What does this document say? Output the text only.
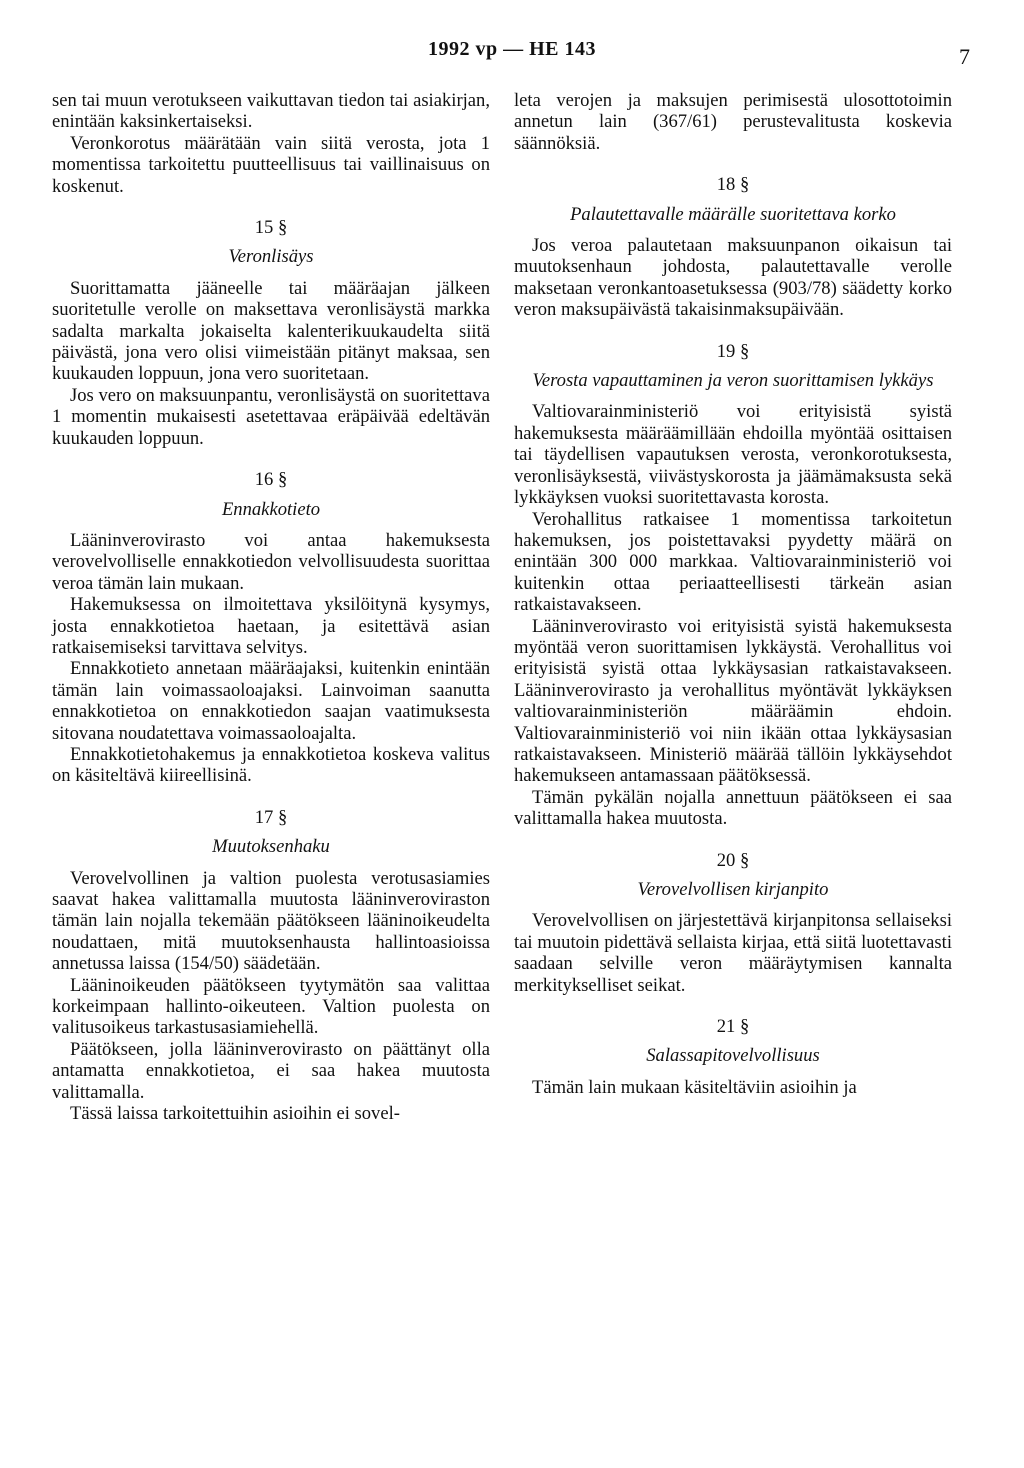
1992 vp — HE 143	7

sen tai muun verotukseen vaikuttavan tiedon tai asiakirjan, enintään kaksinkertaiseksi.

Veronkorotus määrätään vain siitä verosta, jota 1 momentissa tarkoitettu puutteellisuus tai vaillinaisuus on koskenut.

15 §
Veronlisäys

Suorittamatta jääneelle tai määräajan jälkeen suoritetulle verolle on maksettava veronlisäystä markka sadalta markalta jokaiselta kalenterikuukaudelta siitä päivästä, jona vero olisi viimeistään pitänyt maksaa, sen kuukauden loppuun, jona vero suoritetaan.

Jos vero on maksuunpantu, veronlisäystä on suoritettava 1 momentin mukaisesti asetettavaa eräpäivää edeltävän kuukauden loppuun.

16 §
Ennakkotieto

Lääninverovirasto voi antaa hakemuksesta verovelvolliselle ennakkotiedon velvollisuudesta suorittaa veroa tämän lain mukaan.

Hakemuksessa on ilmoitettava yksilöitynä kysymys, josta ennakkotietoa haetaan, ja esitettävä asian ratkaisemiseksi tarvittava selvitys.

Ennakkotieto annetaan määräajaksi, kuitenkin enintään tämän lain voimassaoloajaksi. Lainvoiman saanutta ennakkotietoa on ennakkotiedon saajan vaatimuksesta sitovana noudatettava voimassaoloajalta.

Ennakkotietohakemus ja ennakkotietoa koskeva valitus on käsiteltävä kiireellisinä.

17 §
Muutoksenhaku

Verovelvollinen ja valtion puolesta verotusasiamies saavat hakea valittamalla muutosta lääninveroviraston tämän lain nojalla tekemään päätökseen lääninoikeudelta noudattaen, mitä muutoksenhausta hallintoasioissa annetussa laissa (154/50) säädetään.

Lääninoikeuden päätökseen tyytymätön saa valittaa korkeimpaan hallinto-oikeuteen. Valtion puolesta on valitusoikeus tarkastusasiamiehellä.

Päätökseen, jolla lääninverovirasto on päättänyt olla antamatta ennakkotietoa, ei saa hakea muutosta valittamalla.

Tässä laissa tarkoitettuihin asioihin ei sovel-

leta verojen ja maksujen perimisestä ulosottotoimin annetun lain (367/61) perustevalitusta koskevia säännöksiä.

18 §
Palautettavalle määrälle suoritettava korko

Jos veroa palautetaan maksuunpanon oikaisun tai muutoksenhaun johdosta, palautettavalle verolle maksetaan veronkantoasetuksessa (903/78) säädetty korko veron maksupäivästä takaisinmaksupäivään.

19 §
Verosta vapauttaminen ja veron suorittamisen lykkäys

Valtiovarainministeriö voi erityisistä syistä hakemuksesta määräämillään ehdoilla myöntää osittaisen tai täydellisen vapautuksen verosta, veronkorotuksesta, veronlisäyksestä, viivästyskorosta ja jäämämaksusta sekä lykkäyksen vuoksi suoritettavasta korosta.

Verohallitus ratkaisee 1 momentissa tarkoitetun hakemuksen, jos poistettavaksi pyydetty määrä on enintään 300 000 markkaa. Valtiovarainministeriö voi kuitenkin ottaa periaatteellisesti tärkeän asian ratkaistavakseen.

Lääninverovirasto voi erityisistä syistä hakemuksesta myöntää veron suorittamisen lykkäystä. Verohallitus voi erityisistä syistä ottaa lykkäysasian ratkaistavakseen. Lääninverovirasto ja verohallitus myöntävät lykkäyksen valtiovarainministeriön määräämin ehdoin. Valtiovarainministeriö voi niin ikään ottaa lykkäysasian ratkaistavakseen. Ministeriö määrää tällöin lykkäysehdot hakemukseen antamassaan päätöksessä.

Tämän pykälän nojalla annettuun päätökseen ei saa valittamalla hakea muutosta.

20 §
Verovelvollisen kirjanpito

Verovelvollisen on järjestettävä kirjanpitonsa sellaiseksi tai muutoin pidettävä sellaista kirjaa, että siitä luotettavasti saadaan selville veron määräytymisen kannalta merkitykselliset seikat.

21 §
Salassapitovelvollisuus

Tämän lain mukaan käsiteltäviin asioihin ja
